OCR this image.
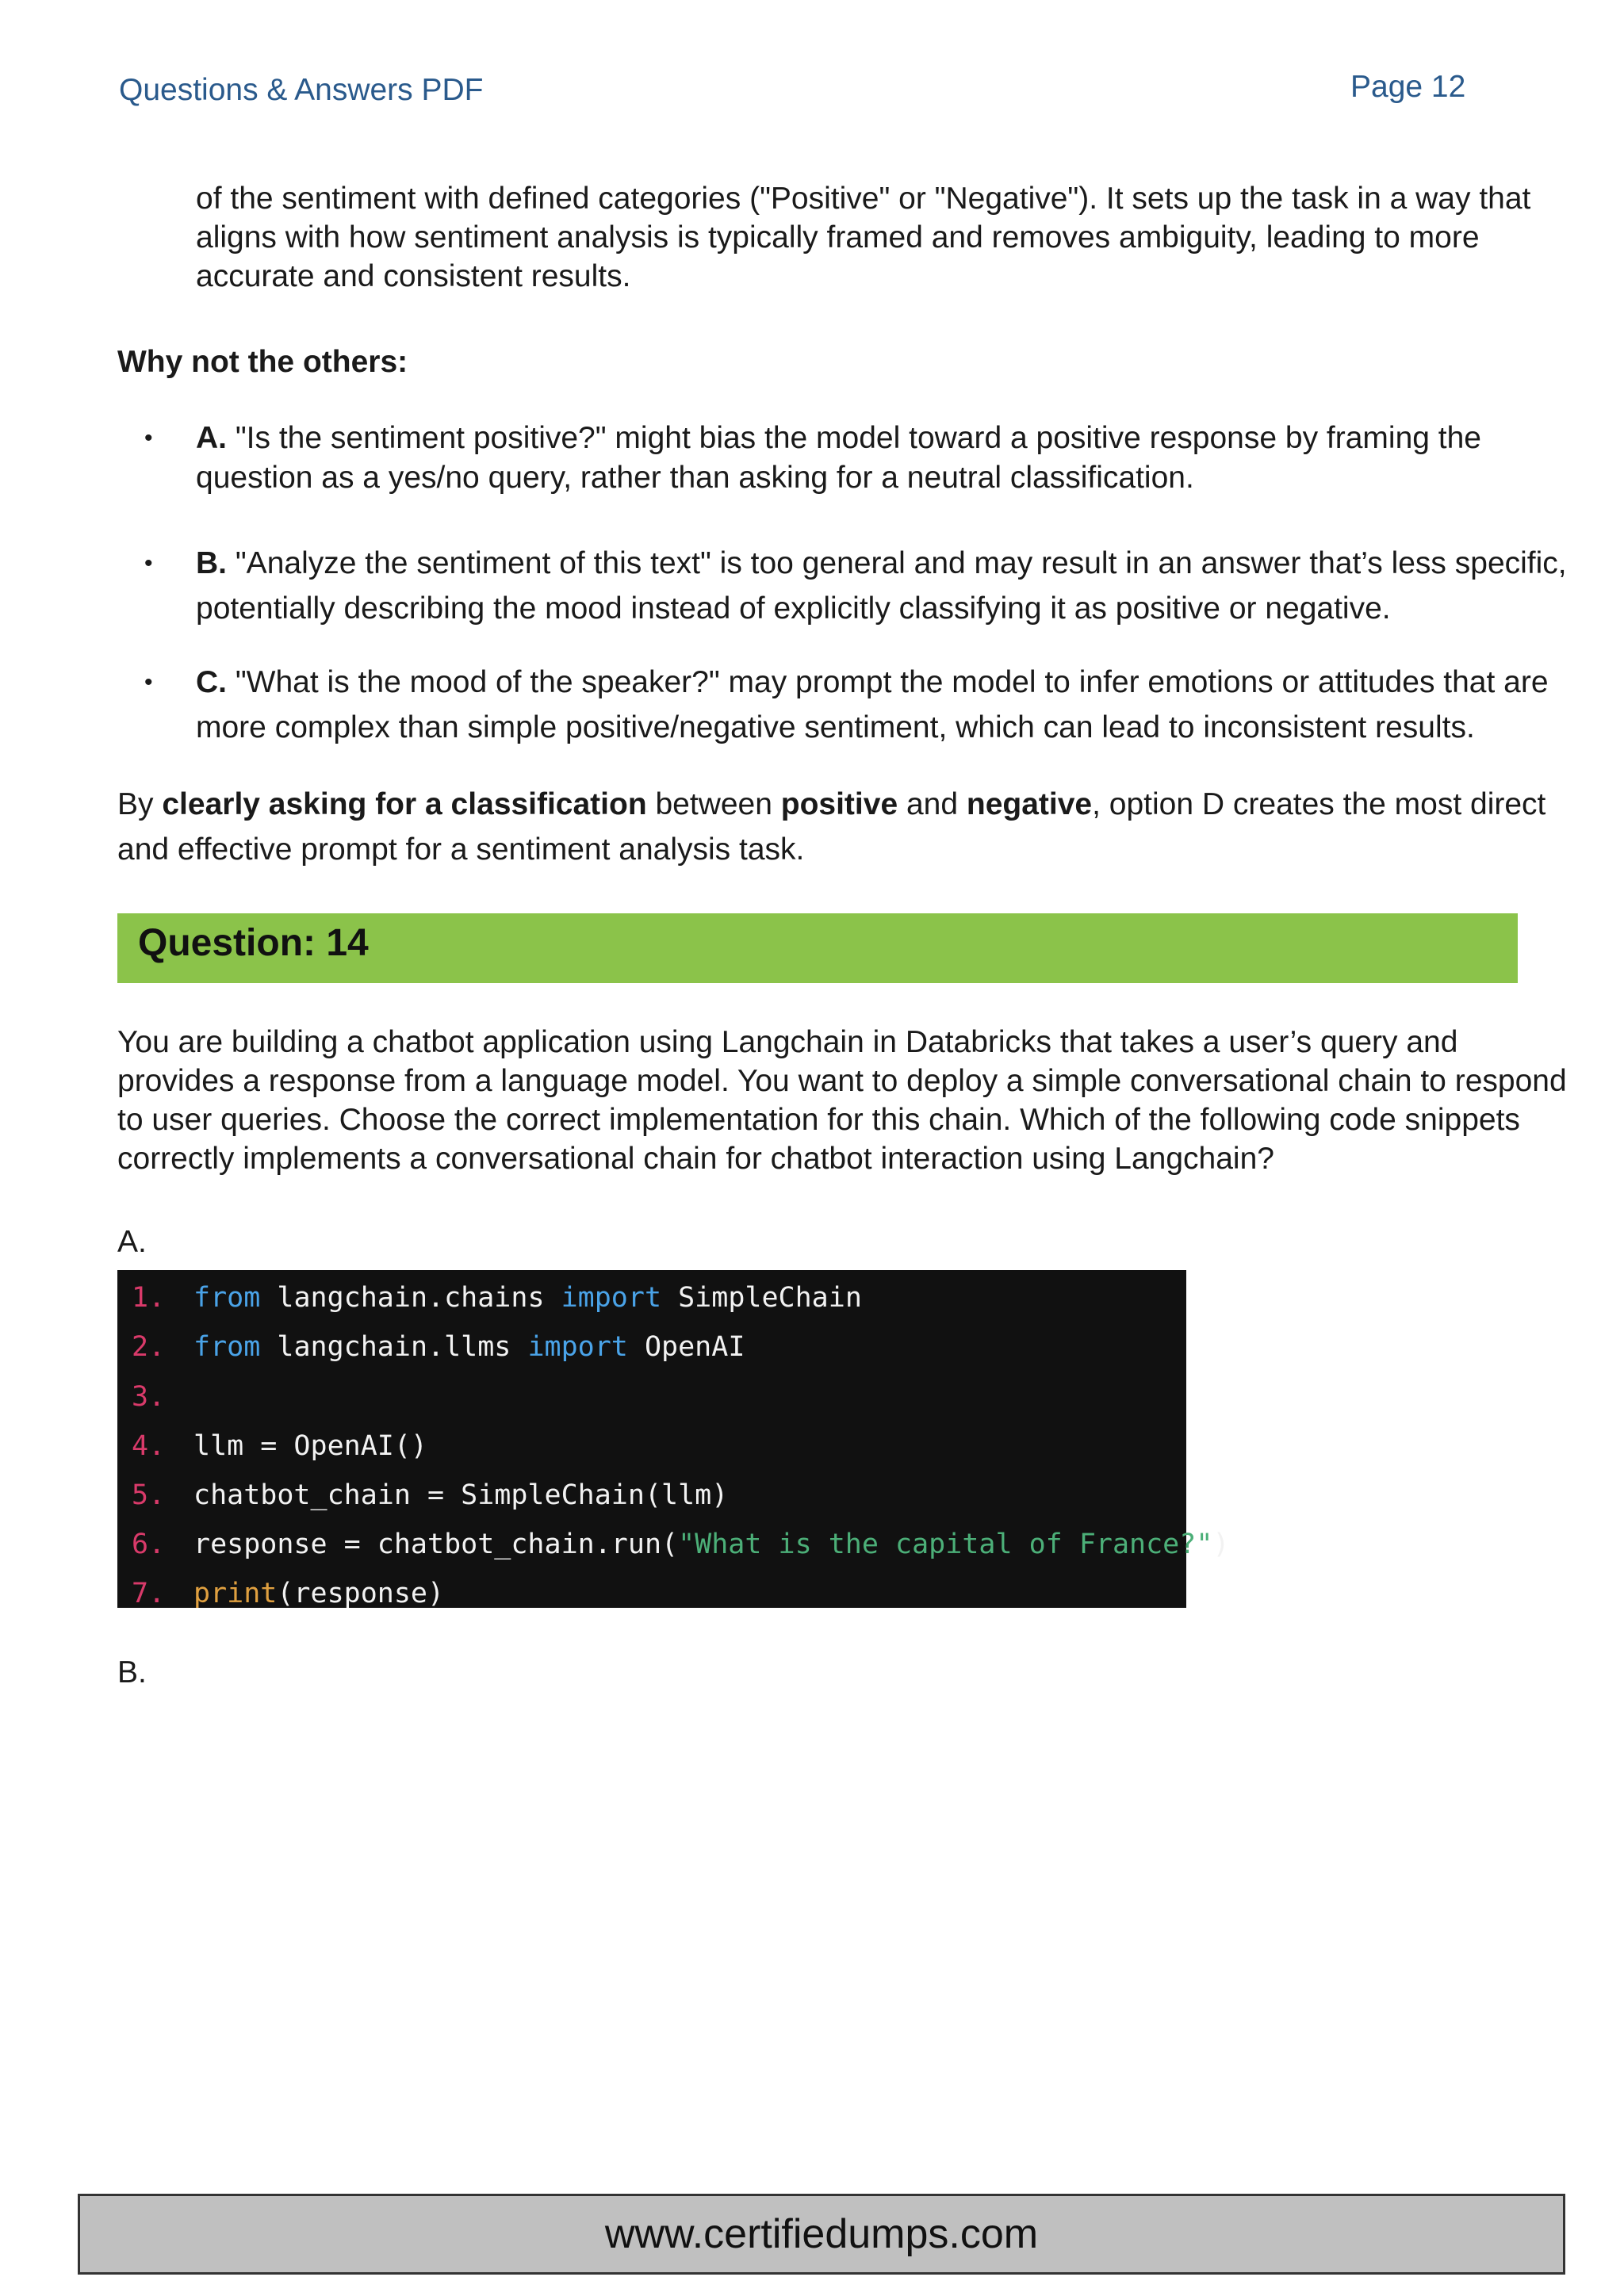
Questions & Answers PDF	Page 12

of the sentiment with defined categories ("Positive" or "Negative"). It sets up the task in a way that aligns with how sentiment analysis is typically framed and removes ambiguity, leading to more accurate and consistent results.

Why not the others:

• A. "Is the sentiment positive?" might bias the model toward a positive response by framing the question as a yes/no query, rather than asking for a neutral classification.
• B. "Analyze the sentiment of this text" is too general and may result in an answer that’s less specific, potentially describing the mood instead of explicitly classifying it as positive or negative.
• C. "What is the mood of the speaker?" may prompt the model to infer emotions or attitudes that are more complex than simple positive/negative sentiment, which can lead to inconsistent results.

By clearly asking for a classification between positive and negative, option D creates the most direct and effective prompt for a sentiment analysis task.

Question: 14

You are building a chatbot application using Langchain in Databricks that takes a user’s query and provides a response from a language model. You want to deploy a simple conversational chain to respond to user queries. Choose the correct implementation for this chain. Which of the following code snippets correctly implements a conversational chain for chatbot interaction using Langchain?

A.
1.	from langchain.chains import SimpleChain
2.	from langchain.llms import OpenAI
3.
4.	llm = OpenAI()
5.	chatbot_chain = SimpleChain(llm)
6.	response = chatbot_chain.run("What is the capital of France?")
7.	print(response)
B.
www.certifiedumps.com
